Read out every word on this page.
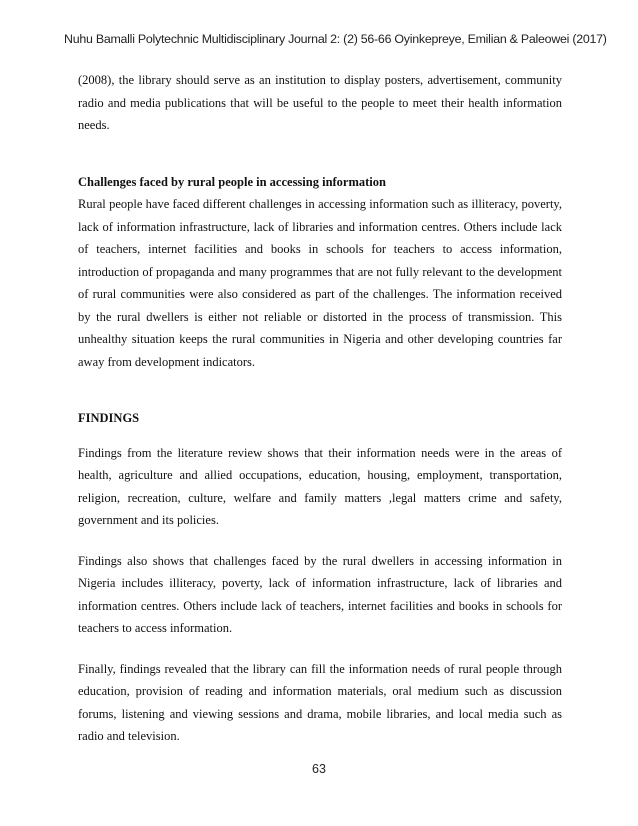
Nuhu Bamalli Polytechnic Multidisciplinary Journal 2: (2) 56-66 Oyinkepreye, Emilian & Paleowei (2017)

(2008), the library should serve as an institution to display posters, advertisement, community radio and media publications that will be useful to the people to meet their health information needs.

Challenges faced by rural people in accessing information

Rural people have faced different challenges in accessing information such as illiteracy, poverty, lack of information infrastructure, lack of libraries and information centres. Others include lack of teachers, internet facilities and books in schools for teachers to access information, introduction of propaganda and many programmes that are not fully relevant to the development of rural communities were also considered as part of the challenges. The information received by the rural dwellers is either not reliable or distorted in the process of transmission. This unhealthy situation keeps the rural communities in Nigeria and other developing countries far away from development indicators.

FINDINGS

Findings from the literature review shows that their information needs were in the areas of health, agriculture and allied occupations, education, housing, employment, transportation, religion, recreation, culture, welfare and family matters ,legal matters crime and safety, government and its policies.

Findings also shows that challenges faced by the rural dwellers in accessing information in Nigeria includes illiteracy, poverty, lack of information infrastructure, lack of libraries and information centres. Others include lack of teachers, internet facilities and books in schools for teachers to access information.

Finally, findings revealed that the library can fill the information needs of rural people through education, provision of reading and information materials, oral medium such as discussion forums, listening and viewing sessions and drama, mobile libraries, and local media such as radio and television.

63
